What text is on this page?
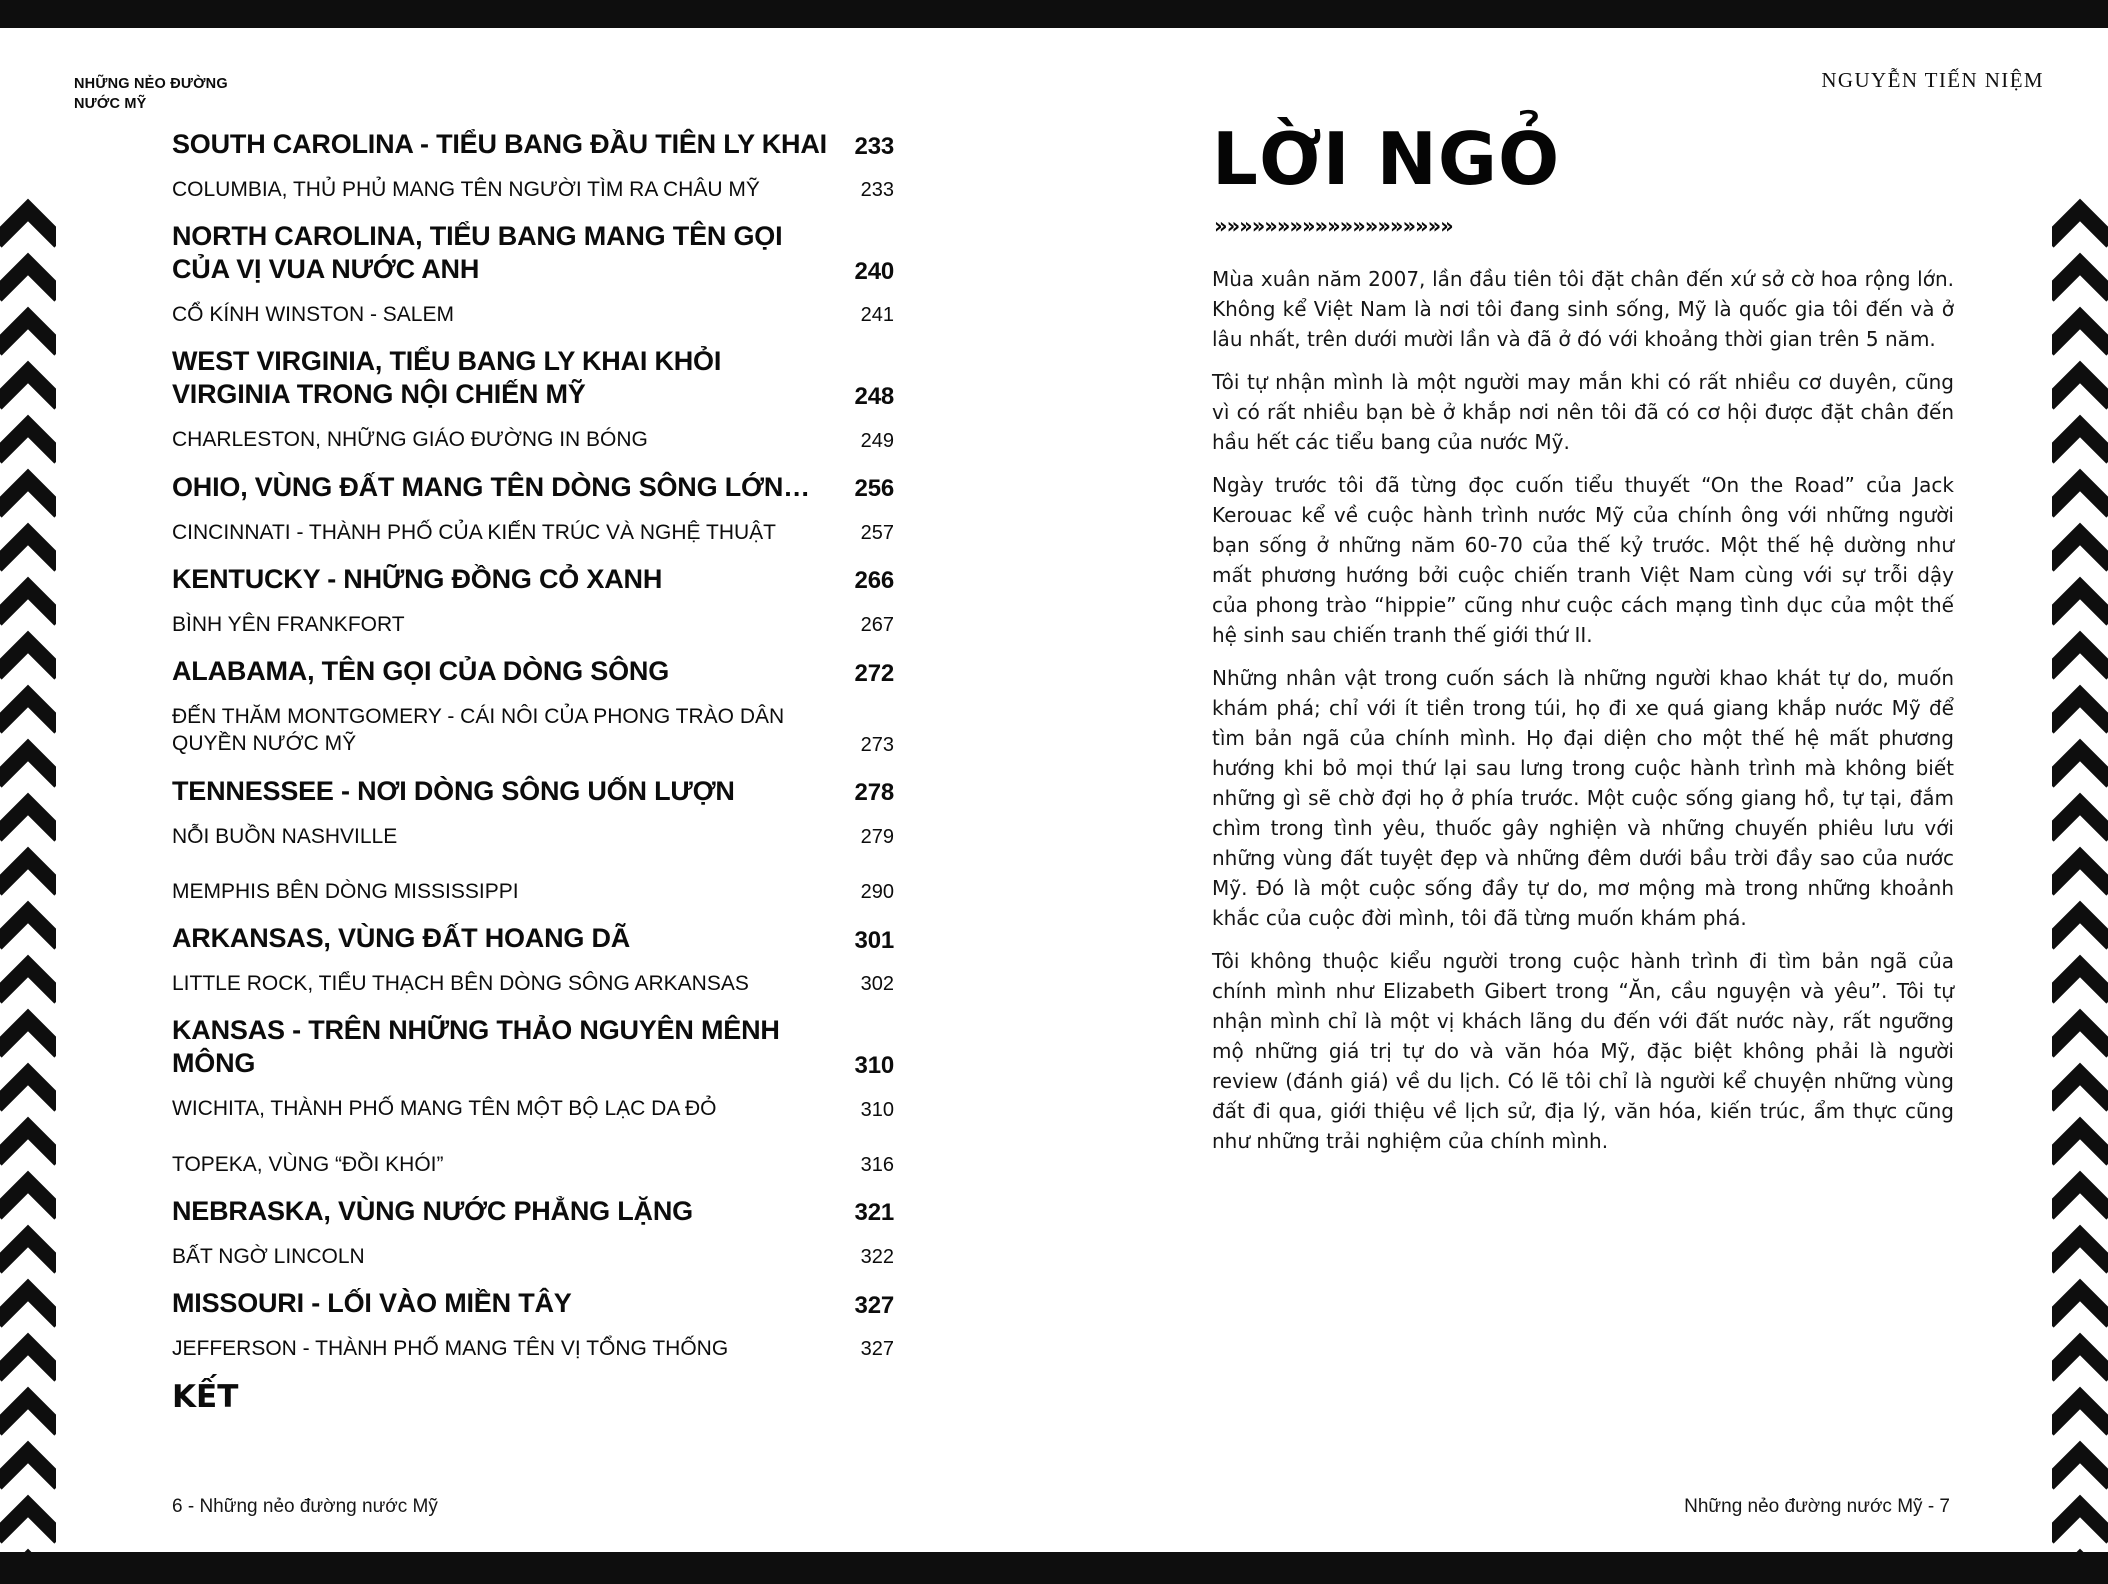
NHỮNG NẺO ĐƯỜNG
NƯỚC MỸ
SOUTH CAROLINA - TIỂU BANG ĐẦU TIÊN LY KHAI	233
COLUMBIA, THỦ PHỦ MANG TÊN NGƯỜI TÌM RA CHÂU MỸ	233
NORTH CAROLINA, TIỂU BANG MANG TÊN GỌI CỦA VỊ VUA NƯỚC ANH	240
CỔ KÍNH WINSTON - SALEM	241
WEST VIRGINIA, TIỂU BANG LY KHAI KHỎI VIRGINIA TRONG NỘI CHIẾN MỸ	248
CHARLESTON, NHỮNG GIÁO ĐƯỜNG IN BÓNG	249
OHIO, VÙNG ĐẤT MANG TÊN DÒNG SÔNG LỚN…	256
CINCINNATI - THÀNH PHỐ CỦA KIẾN TRÚC VÀ NGHỆ THUẬT	257
KENTUCKY - NHỮNG ĐỒNG CỎ XANH	266
BÌNH YÊN FRANKFORT	267
ALABAMA, TÊN GỌI CỦA DÒNG SÔNG	272
ĐẾN THĂM MONTGOMERY - CÁI NÔI CỦA PHONG TRÀO DÂN QUYỀN NƯỚC MỸ	273
TENNESSEE - NƠI DÒNG SÔNG UỐN LƯỢN	278
NỖI BUỒN NASHVILLE	279
MEMPHIS BÊN DÒNG MISSISSIPPI	290
ARKANSAS, VÙNG ĐẤT HOANG DÃ	301
LITTLE ROCK, TIỂU THẠCH BÊN DÒNG SÔNG ARKANSAS	302
KANSAS - TRÊN NHỮNG THẢO NGUYÊN MÊNH MÔNG	310
WICHITA, THÀNH PHỐ MANG TÊN MỘT BỘ LẠC DA ĐỎ	310
TOPEKA, VÙNG “ĐỒI KHÓI”	316
NEBRASKA, VÙNG NƯỚC PHẲNG LẶNG	321
BẤT NGỜ LINCOLN	322
MISSOURI - LỐI VÀO MIỀN TÂY	327
JEFFERSON - THÀNH PHỐ MANG TÊN VỊ TỔNG THỐNG	327
KẾT
6 - Những nẻo đường nước Mỹ
NGUYỄN TIẾN NIỆM
LỜI NGỎ
»»»»»»»»»»»»»»»»»»»

Mùa xuân năm 2007, lần đầu tiên tôi đặt chân đến xứ sở cờ hoa rộng lớn. Không kể Việt Nam là nơi tôi đang sinh sống, Mỹ là quốc gia tôi đến và ở lâu nhất, trên dưới mười lần và đã ở đó với khoảng thời gian trên 5 năm.

Tôi tự nhận mình là một người may mắn khi có rất nhiều cơ duyên, cũng vì có rất nhiều bạn bè ở khắp nơi nên tôi đã có cơ hội được đặt chân đến hầu hết các tiểu bang của nước Mỹ.

Ngày trước tôi đã từng đọc cuốn tiểu thuyết “On the Road” của Jack Kerouac kể về cuộc hành trình nước Mỹ của chính ông với những người bạn sống ở những năm 60-70 của thế kỷ trước. Một thế hệ dường như mất phương hướng bởi cuộc chiến tranh Việt Nam cùng với sự trỗi dậy của phong trào “hippie” cũng như cuộc cách mạng tình dục của một thế hệ sinh sau chiến tranh thế giới thứ II.

Những nhân vật trong cuốn sách là những người khao khát tự do, muốn khám phá; chỉ với ít tiền trong túi, họ đi xe quá giang khắp nước Mỹ để tìm bản ngã của chính mình. Họ đại diện cho một thế hệ mất phương hướng khi bỏ mọi thứ lại sau lưng trong cuộc hành trình mà không biết những gì sẽ chờ đợi họ ở phía trước. Một cuộc sống giang hồ, tự tại, đắm chìm trong tình yêu, thuốc gây nghiện và những chuyến phiêu lưu với những vùng đất tuyệt đẹp và những đêm dưới bầu trời đầy sao của nước Mỹ. Đó là một cuộc sống đầy tự do, mơ mộng mà trong những khoảnh khắc của cuộc đời mình, tôi đã từng muốn khám phá.

Tôi không thuộc kiểu người trong cuộc hành trình đi tìm bản ngã của chính mình như Elizabeth Gibert trong “Ăn, cầu nguyện và yêu”. Tôi tự nhận mình chỉ là một vị khách lãng du đến với đất nước này, rất ngưỡng mộ những giá trị tự do và văn hóa Mỹ, đặc biệt không phải là người review (đánh giá) về du lịch. Có lẽ tôi chỉ là người kể chuyện những vùng đất đi qua, giới thiệu về lịch sử, địa lý, văn hóa, kiến trúc, ẩm thực cũng như những trải nghiệm của chính mình.

Những nẻo đường nước Mỹ - 7
